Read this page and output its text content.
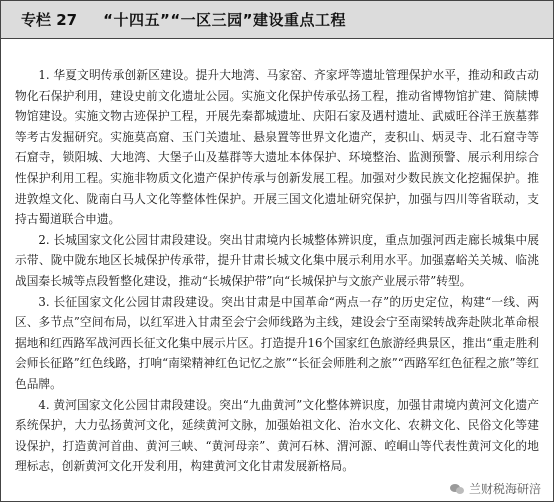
专栏 27 “十四五”“一区三园”建设重点工程

1. 华夏文明传承创新区建设。提升大地湾、马家窑、齐家坪等遗址管理保护水平，推动和政古动物化石保护利用，建设史前文化遗址公园。实施文化保护传承弘扬工程，推动省博物馆扩建、简牍博物馆建设。实施文物古迹保护工程，开展先秦都城遗址、庆阳石家及遇村遗址、武威旺谷洋王族墓葬等考古发掘研究。实施莫高窟、玉门关遗址、悬泉置等世界文化遗产，麦积山、炳灵寺、北石窟寺等石窟寺，锁阳城、大地湾、大堡子山及墓群等大遗址本体保护、环境整治、监测预警、展示利用综合性保护利用工程。实施非物质文化遗产保护传承与创新发展工程。加强对少数民族文化挖掘保护。推进敦煌文化、陇南白马人文化等整体性保护。开展三国文化遗址研究保护，加强与四川等省联动，支持古蜀道联合申遗。

2. 长城国家文化公园甘肃段建设。突出甘肃境内长城整体辨识度，重点加强河西走廊长城集中展示带、陇中陇东地区长城保护传承带，提升甘肃长城文化集中展示利用水平。加强嘉峪关关城、临洮战国秦长城等点段暂整化建设，推动“长城保护带”向“长城保护与文旅产业展示带”转型。

3. 长征国家文化公园甘肃段建设。突出甘肃是中国革命“两点一存”的历史定位，构建“一线、两区、多节点”空间布局，以红军进入甘肃至会宁会师线路为主线，建设会宁至南梁转战奔赴陕北革命根据地和红西路军战河西长征文化集中展示片区。打造提升16个国家红色旅游经典景区，推出“重走胜利会师长征路”红色线路，打响“南梁精神红色记忆之旅”“长征会师胜利之旅”“西路军红色征程之旅”等红色品牌。

4. 黄河国家文化公园甘肃段建设。突出“九曲黄河”文化整体辨识度，加强甘肃境内黄河文化遗产系统保护，大力弘扬黄河文化，延续黄河文脉，加强始祖文化、治水文化、农耕文化、民俗文化等建设保护，打造黄河首曲、黄河三峡、“黄河母亲”、黄河石林、渭河源、崆峒山等代表性黄河文化的地理标志，创新黄河文化开发利用，构建黄河文化甘肃发展新格局。

兰财税海研涪
